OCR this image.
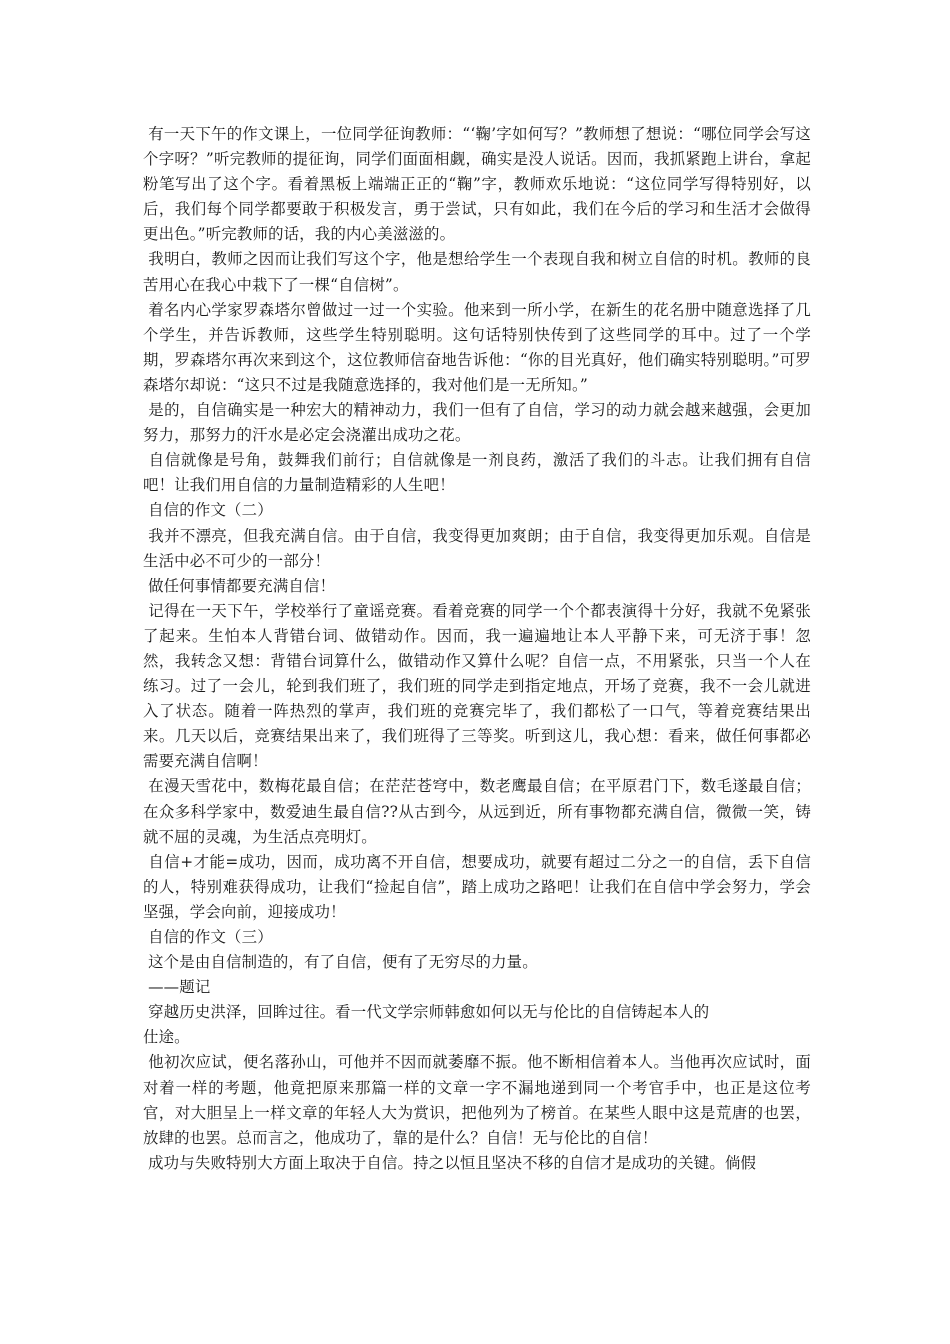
有一天下午的作文课上，一位同学征询教师：“‘鞠’字如何写？”教师想了想说：“哪位同学会写这个字呀？”听完教师的提征询，同学们面面相觑，确实是没人说话。因而，我抓紧跑上讲台，拿起粉笔写出了这个字。看着黑板上端端正正的“鞠”字，教师欢乐地说：“这位同学写得特别好，以后，我们每个同学都要敢于积极发言，勇于尝试，只有如此，我们在今后的学习和生活才会做得更出色。”听完教师的话，我的内心美滋滋的。

我明白，教师之因而让我们写这个字，他是想给学生一个表现自我和树立自信的时机。教师的良苦用心在我心中栽下了一棵“自信树”。

着名内心学家罗森塔尔曾做过一过一个实验。他来到一所小学，在新生的花名册中随意选择了几个学生，并告诉教师，这些学生特别聪明。这句话特别快传到了这些同学的耳中。过了一个学期，罗森塔尔再次来到这个，这位教师信奋地告诉他：“你的目光真好，他们确实特别聪明。”可罗森塔尔却说：“这只不过是我随意选择的，我对他们是一无所知。”

是的，自信确实是一种宏大的精神动力，我们一但有了自信，学习的动力就会越来越强，会更加努力，那努力的汗水是必定会浇灌出成功之花。

自信就像是号角，鼓舞我们前行；自信就像是一剂良药，激活了我们的斗志。让我们拥有自信吧！让我们用自信的力量制造精彩的人生吧！

自信的作文（二）

我并不漂亮，但我充满自信。由于自信，我变得更加爽朗；由于自信，我变得更加乐观。自信是生活中必不可少的一部分！

做任何事情都要充满自信！

记得在一天下午，学校举行了童谣竞赛。看着竞赛的同学一个个都表演得十分好，我就不免紧张了起来。生怕本人背错台词、做错动作。因而，我一遍遍地让本人平静下来，可无济于事！忽然，我转念又想：背错台词算什么，做错动作又算什么呢？自信一点，不用紧张，只当一个人在练习。过了一会儿，轮到我们班了，我们班的同学走到指定地点，开场了竞赛，我不一会儿就进入了状态。随着一阵热烈的掌声，我们班的竞赛完毕了，我们都松了一口气，等着竞赛结果出来。几天以后，竞赛结果出来了，我们班得了三等奖。听到这儿，我心想：看来，做任何事都必需要充满自信啊！

在漫天雪花中，数梅花最自信；在茫茫苍穹中，数老鹰最自信；在平原君门下，数毛遂最自信；在众多科学家中，数爱迪生最自信??从古到今，从远到近，所有事物都充满自信，微微一笑，铸就不屈的灵魂，为生活点亮明灯。

自信+才能=成功，因而，成功离不开自信，想要成功，就要有超过二分之一的自信，丢下自信的人，特别难获得成功，让我们“捡起自信”，踏上成功之路吧！让我们在自信中学会努力，学会坚强，学会向前，迎接成功！

自信的作文（三）

这个是由自信制造的，有了自信，便有了无穷尽的力量。

——题记

穿越历史洪泽，回眸过往。看一代文学宗师韩愈如何以无与伦比的自信铸起本人的
仕途。

他初次应试，便名落孙山，可他并不因而就萎靡不振。他不断相信着本人。当他再次应试时，面对着一样的考题，他竟把原来那篇一样的文章一字不漏地递到同一个考官手中，也正是这位考官，对大胆呈上一样文章的年轻人大为赏识，把他列为了榜首。在某些人眼中这是荒唐的也罢，放肆的也罢。总而言之，他成功了，靠的是什么？自信！无与伦比的自信！

成功与失败特别大方面上取决于自信。持之以恒且坚决不移的自信才是成功的关键。倘假
